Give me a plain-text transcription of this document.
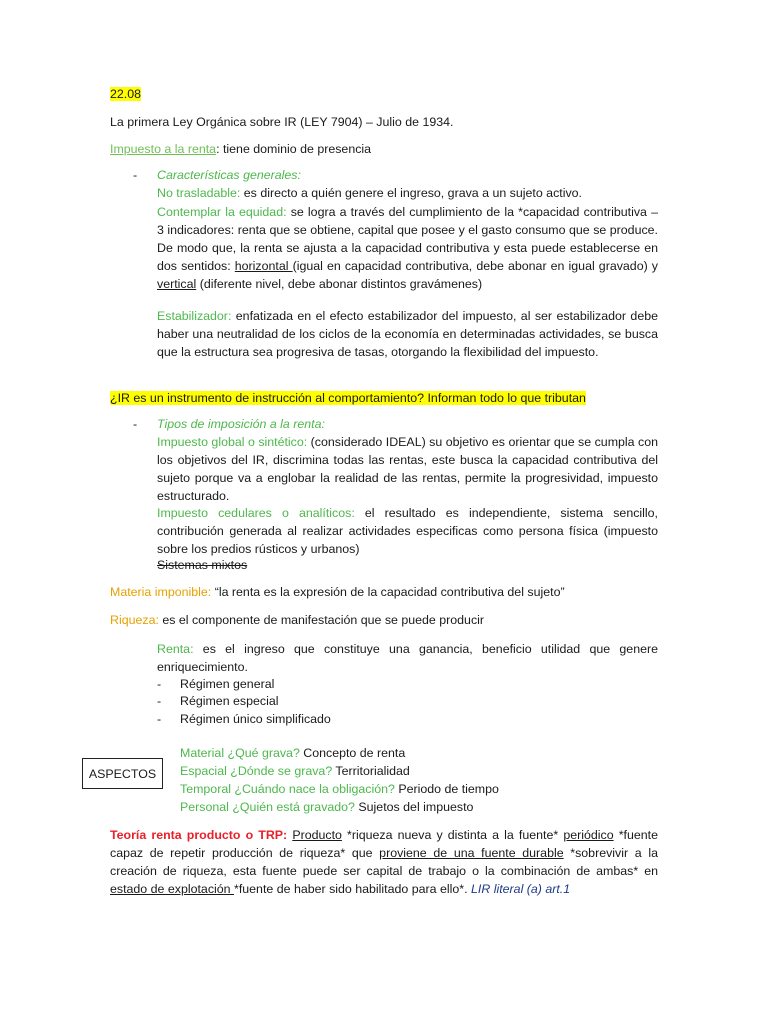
22.08
La primera Ley Orgánica sobre IR (LEY 7904) – Julio de 1934.
Impuesto a la renta: tiene dominio de presencia
-	Características generales:
No trasladable: es directo a quién genere el ingreso, grava a un sujeto activo.
Contemplar la equidad: se logra a través del cumplimiento de la *capacidad contributiva – 3 indicadores: renta que se obtiene, capital que posee y el gasto consumo que se produce. De modo que, la renta se ajusta a la capacidad contributiva y esta puede establecerse en dos sentidos: horizontal (igual en capacidad contributiva, debe abonar en igual gravado) y vertical (diferente nivel, debe abonar distintos gravámenes)
Estabilizador: enfatizada en el efecto estabilizador del impuesto, al ser estabilizador debe haber una neutralidad de los ciclos de la economía en determinadas actividades, se busca que la estructura sea progresiva de tasas, otorgando la flexibilidad del impuesto.
¿IR es un instrumento de instrucción al comportamiento? Informan todo lo que tributan
-	Tipos de imposición a la renta:
Impuesto global o sintético: (considerado IDEAL) su objetivo es orientar que se cumpla con los objetivos del IR, discrimina todas las rentas, este busca la capacidad contributiva del sujeto porque va a englobar la realidad de las rentas, permite la progresividad, impuesto estructurado.
Impuesto cedulares o analíticos: el resultado es independiente, sistema sencillo, contribución generada al realizar actividades especificas como persona física (impuesto sobre los predios rústicos y urbanos)
Sistemas mixtos
Materia imponible: “la renta es la expresión de la capacidad contributiva del sujeto”
Riqueza: es el componente de manifestación que se puede producir
Renta: es el ingreso que constituye una ganancia, beneficio utilidad que genere enriquecimiento.
-	Régimen general
-	Régimen especial
-	Régimen único simplificado
ASPECTOS
Material ¿Qué grava? Concepto de renta
Espacial ¿Dónde se grava? Territorialidad
Temporal ¿Cuándo nace la obligación? Periodo de tiempo
Personal ¿Quién está gravado? Sujetos del impuesto
Teoría renta producto o TRP: Producto *riqueza nueva y distinta a la fuente* periódico *fuente capaz de repetir producción de riqueza* que proviene de una fuente durable *sobrevivir a la creación de riqueza, esta fuente puede ser capital de trabajo o la combinación de ambas* en estado de explotación *fuente de haber sido habilitado para ello*. LIR literal (a) art.1
